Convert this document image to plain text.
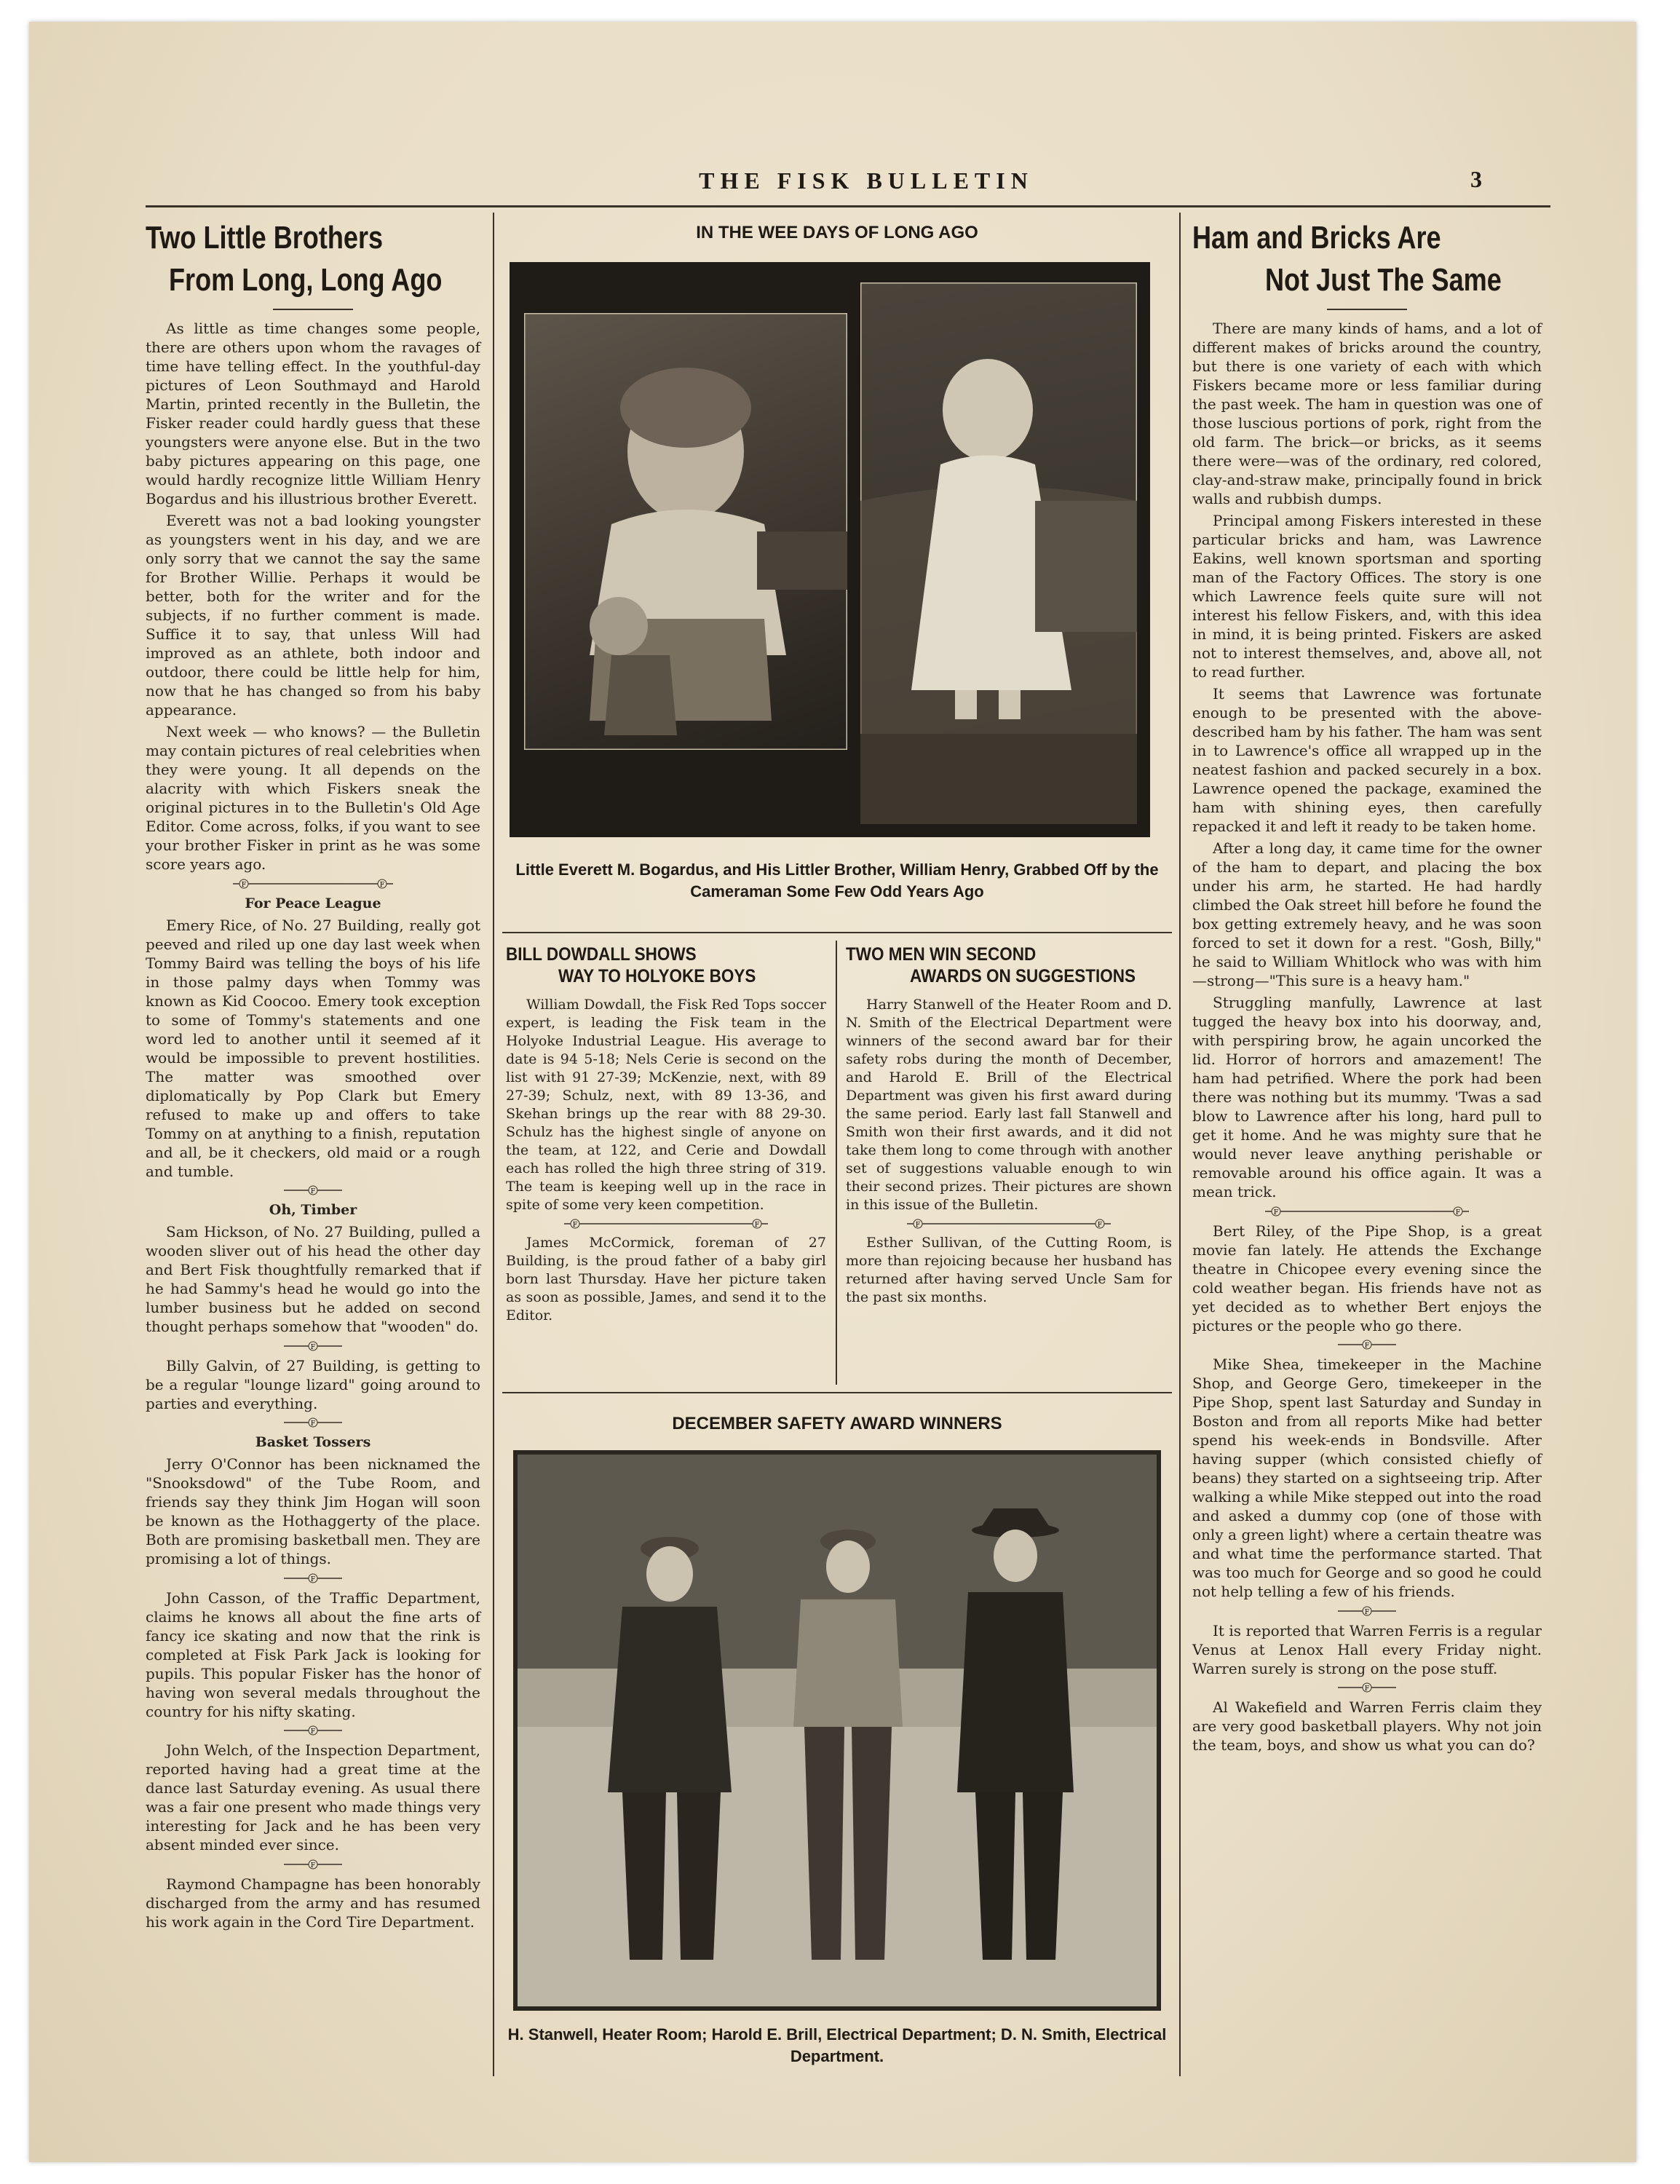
THE FISK BULLETIN	3
Two Little Brothers
From Long, Long Ago

As little as time changes some people, there are others upon whom the ravages of time have telling effect. In the youthful-day pictures of Leon Southmayd and Harold Martin, printed recently in the Bulletin, the Fisker reader could hardly guess that these youngsters were anyone else. But in the two baby pictures appearing on this page, one would hardly recognize little William Henry Bogardus and his illustrious brother Everett.

Everett was not a bad looking youngster as youngsters went in his day, and we are only sorry that we cannot the say the same for Brother Willie. Perhaps it would be better, both for the writer and for the subjects, if no further comment is made. Suffice it to say, that unless Will had improved as an athlete, both indoor and outdoor, there could be little help for him, now that he has changed so from his baby appearance.

Next week — who knows? — the Bulletin may contain pictures of real celebrities when they were young. It all depends on the alacrity with which Fiskers sneak the original pictures in to the Bulletin's Old Age Editor. Come across, folks, if you want to see your brother Fisker in print as he was some score years ago.

F	F
For Peace League

Emery Rice, of No. 27 Building, really got peeved and riled up one day last week when Tommy Baird was telling the boys of his life in those palmy days when Tommy was known as Kid Coocoo. Emery took exception to some of Tommy's statements and one word led to another until it seemed af it would be impossible to prevent hostilities. The matter was smoothed over diplomatically by Pop Clark but Emery refused to make up and offers to take Tommy on at anything to a finish, reputation and all, be it checkers, old maid or a rough and tumble.

F
Oh, Timber

Sam Hickson, of No. 27 Building, pulled a wooden sliver out of his head the other day and Bert Fisk thoughtfully remarked that if he had Sammy's head he would go into the lumber business but he added on second thought perhaps somehow that "wooden" do.

F

Billy Galvin, of 27 Building, is getting to be a regular "lounge lizard" going around to parties and everything.

F
Basket Tossers

Jerry O'Connor has been nicknamed the "Snooksdowd" of the Tube Room, and friends say they think Jim Hogan will soon be known as the Hothaggerty of the place. Both are promising basketball men. They are promising a lot of things.

F

John Casson, of the Traffic Department, claims he knows all about the fine arts of fancy ice skating and now that the rink is completed at Fisk Park Jack is looking for pupils. This popular Fisker has the honor of having won several medals throughout the country for his nifty skating.

F

John Welch, of the Inspection Department, reported having had a great time at the dance last Saturday evening. As usual there was a fair one present who made things very interesting for Jack and he has been very absent minded ever since.

F

Raymond Champagne has been honorably discharged from the army and has resumed his work again in the Cord Tire Department.

IN THE WEE DAYS OF LONG AGO
Little Everett M. Bogardus, and His Littler Brother, William Henry, Grabbed Off by the Cameraman Some Few Odd Years Ago
BILL DOWDALL SHOWS
WAY TO HOLYOKE BOYS

William Dowdall, the Fisk Red Tops soccer expert, is leading the Fisk team in the Holyoke Industrial League. His average to date is 94 5-18; Nels Cerie is second on the list with 91 27-39; McKenzie, next, with 89 27-39; Schulz, next, with 89 13-36, and Skehan brings up the rear with 88 29-30. Schulz has the highest single of anyone on the team, at 122, and Cerie and Dowdall each has rolled the high three string of 319. The team is keeping well up in the race in spite of some very keen competition.

F	F

James McCormick, foreman of 27 Building, is the proud father of a baby girl born last Thursday. Have her picture taken as soon as possible, James, and send it to the Editor.

TWO MEN WIN SECOND
AWARDS ON SUGGESTIONS

Harry Stanwell of the Heater Room and D. N. Smith of the Electrical Department were winners of the second award bar for their safety robs during the month of December, and Harold E. Brill of the Electrical Department was given his first award during the same period. Early last fall Stanwell and Smith won their first awards, and it did not take them long to come through with another set of suggestions valuable enough to win their second prizes. Their pictures are shown in this issue of the Bulletin.

F	F

Esther Sullivan, of the Cutting Room, is more than rejoicing because her husband has returned after having served Uncle Sam for the past six months.

DECEMBER SAFETY AWARD WINNERS
H. Stanwell, Heater Room; Harold E. Brill, Electrical Department; D. N. Smith, Electrical Department.
Ham and Bricks Are
Not Just The Same

There are many kinds of hams, and a lot of different makes of bricks around the country, but there is one variety of each with which Fiskers became more or less familiar during the past week. The ham in question was one of those luscious portions of pork, right from the old farm. The brick—or bricks, as it seems there were—was of the ordinary, red colored, clay-and-straw make, principally found in brick walls and rubbish dumps.

Principal among Fiskers interested in these particular bricks and ham, was Lawrence Eakins, well known sportsman and sporting man of the Factory Offices. The story is one which Lawrence feels quite sure will not interest his fellow Fiskers, and, with this idea in mind, it is being printed. Fiskers are asked not to interest themselves, and, above all, not to read further.

It seems that Lawrence was fortunate enough to be presented with the above-described ham by his father. The ham was sent in to Lawrence's office all wrapped up in the neatest fashion and packed securely in a box. Lawrence opened the package, examined the ham with shining eyes, then carefully repacked it and left it ready to be taken home.

After a long day, it came time for the owner of the ham to depart, and placing the box under his arm, he started. He had hardly climbed the Oak street hill before he found the box getting extremely heavy, and he was soon forced to set it down for a rest. "Gosh, Billy," he said to William Whitlock who was with him—strong—"This sure is a heavy ham."

Struggling manfully, Lawrence at last tugged the heavy box into his doorway, and, with perspiring brow, he again uncorked the lid. Horror of horrors and amazement! The ham had petrified. Where the pork had been there was nothing but its mummy. 'Twas a sad blow to Lawrence after his long, hard pull to get it home. And he was mighty sure that he would never leave anything perishable or removable around his office again. It was a mean trick.

F	F

Bert Riley, of the Pipe Shop, is a great movie fan lately. He attends the Exchange theatre in Chicopee every evening since the cold weather began. His friends have not as yet decided as to whether Bert enjoys the pictures or the people who go there.

F

Mike Shea, timekeeper in the Machine Shop, and George Gero, timekeeper in the Pipe Shop, spent last Saturday and Sunday in Boston and from all reports Mike had better spend his week-ends in Bondsville. After having supper (which consisted chiefly of beans) they started on a sightseeing trip. After walking a while Mike stepped out into the road and asked a dummy cop (one of those with only a green light) where a certain theatre was and what time the performance started. That was too much for George and so good he could not help telling a few of his friends.

F

It is reported that Warren Ferris is a regular Venus at Lenox Hall every Friday night. Warren surely is strong on the pose stuff.

F

Al Wakefield and Warren Ferris claim they are very good basketball players. Why not join the team, boys, and show us what you can do?
